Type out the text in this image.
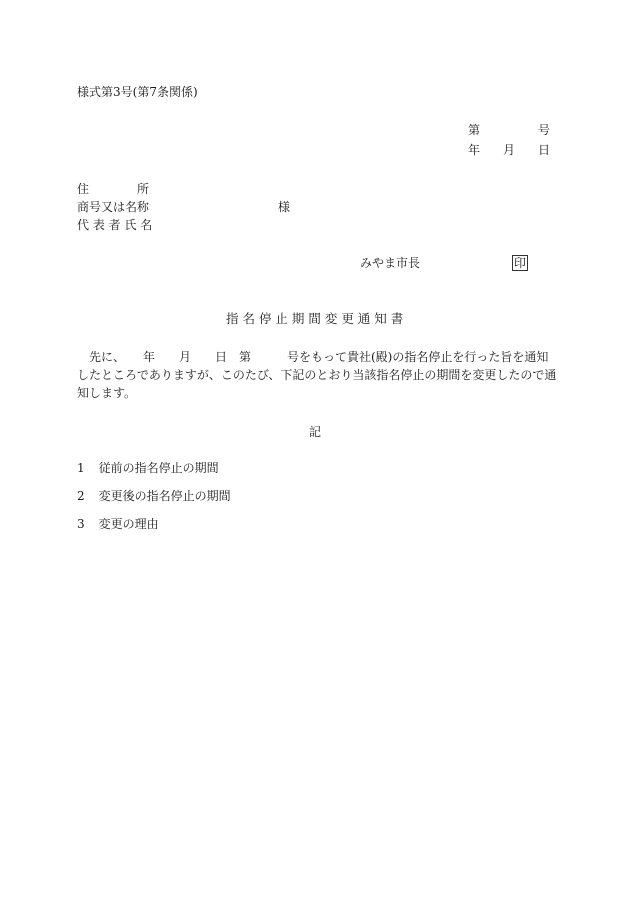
様式第3号(第7条関係)
第	号
年 月 日
住　　　　所
商号又は名称	様
代 表 者 氏 名
みやま市長	印
指 名 停 止 期 間 変 更 通 知 書
　先に、　　年　　月　　日　第　　　号をもって貴社(殿)の指名停止を行った旨を通知
したところでありますが、このたび、下記のとおり当該指名停止の期間を変更したので通
知します。
記
1 従前の指名停止の期間
2 変更後の指名停止の期間
3 変更の理由
